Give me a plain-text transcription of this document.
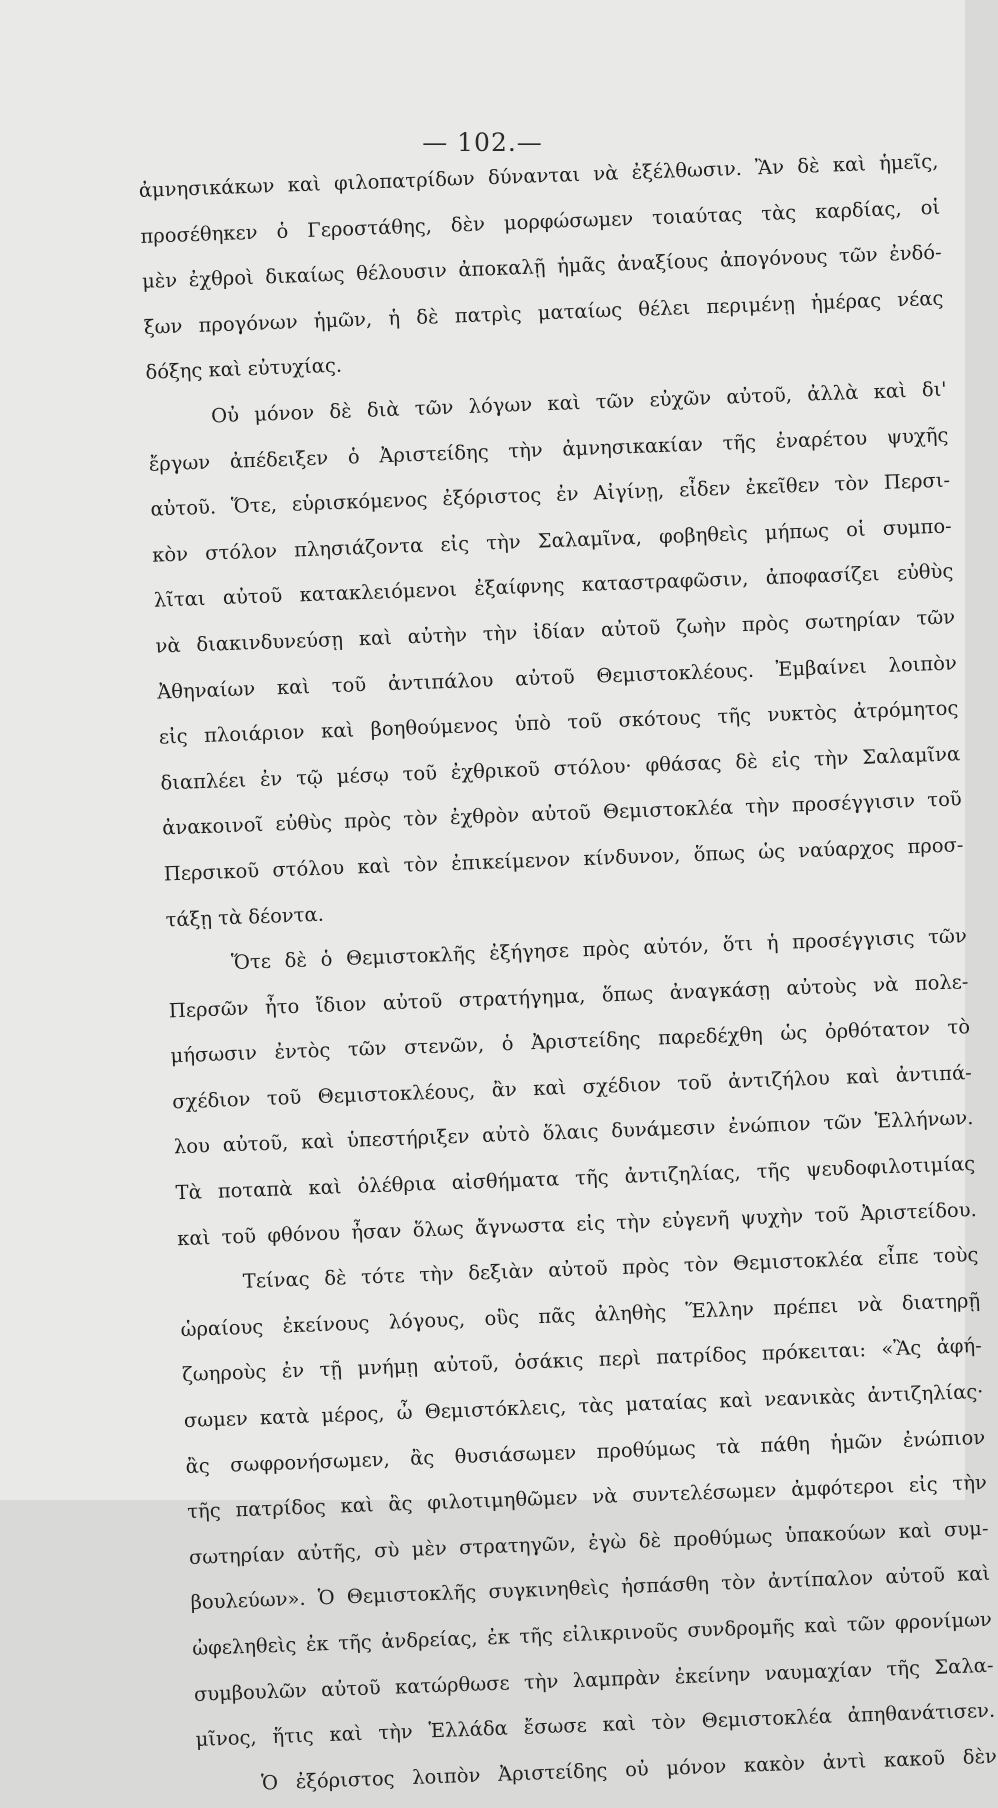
— 102.—
ἀμνησικάκων καὶ φιλοπατρίδων δύνανται νὰ ἐξέλθωσιν. Ἂν δὲ καὶ ἡμεῖς,
προσέθηκεν ὁ Γεροστάθης, δὲν μορφώσωμεν τοιαύτας τὰς καρδίας, οἱ
μὲν ἐχθροὶ δικαίως θέλουσιν ἀποκαλῇ ἡμᾶς ἀναξίους ἀπογόνους τῶν ἐνδό-
ξων προγόνων ἡμῶν, ἡ δὲ πατρὶς ματαίως θέλει περιμένῃ ἡμέρας νέας
δόξης καὶ εὐτυχίας.
Οὐ μόνον δὲ διὰ τῶν λόγων καὶ τῶν εὐχῶν αὐτοῦ, ἀλλὰ καὶ δι'
ἔργων ἀπέδειξεν ὁ Ἀριστείδης τὴν ἀμνησικακίαν τῆς ἐναρέτου ψυχῆς
αὐτοῦ. Ὅτε, εὑρισκόμενος ἐξόριστος ἐν Αἰγίνῃ, εἶδεν ἐκεῖθεν τὸν Περσι-
κὸν στόλον πλησιάζοντα εἰς τὴν Σαλαμῖνα, φοβηθεὶς μήπως οἱ συμπο-
λῖται αὐτοῦ κατακλειόμενοι ἐξαίφνης καταστραφῶσιν, ἀποφασίζει εὐθὺς
νὰ διακινδυνεύσῃ καὶ αὐτὴν τὴν ἰδίαν αὐτοῦ ζωὴν πρὸς σωτηρίαν τῶν
Ἀθηναίων καὶ τοῦ ἀντιπάλου αὐτοῦ Θεμιστοκλέους. Ἐμβαίνει λοιπὸν
εἰς πλοιάριον καὶ βοηθούμενος ὑπὸ τοῦ σκότους τῆς νυκτὸς ἀτρόμητος
διαπλέει ἐν τῷ μέσῳ τοῦ ἐχθρικοῦ στόλου· φθάσας δὲ εἰς τὴν Σαλαμῖνα
ἀνακοινοῖ εὐθὺς πρὸς τὸν ἐχθρὸν αὐτοῦ Θεμιστοκλέα τὴν προσέγγισιν τοῦ
Περσικοῦ στόλου καὶ τὸν ἐπικείμενον κίνδυνον, ὅπως ὡς ναύαρχος προσ-
τάξῃ τὰ δέοντα.
Ὅτε δὲ ὁ Θεμιστοκλῆς ἐξήγησε πρὸς αὐτόν, ὅτι ἡ προσέγγισις τῶν
Περσῶν ἦτο ἴδιον αὐτοῦ στρατήγημα, ὅπως ἀναγκάσῃ αὐτοὺς νὰ πολε-
μήσωσιν ἐντὸς τῶν στενῶν, ὁ Ἀριστείδης παρεδέχθη ὡς ὀρθότατον τὸ
σχέδιον τοῦ Θεμιστοκλέους, ἂν καὶ σχέδιον τοῦ ἀντιζήλου καὶ ἀντιπά-
λου αὐτοῦ, καὶ ὑπεστήριξεν αὐτὸ ὅλαις δυνάμεσιν ἐνώπιον τῶν Ἑλλήνων.
Τὰ ποταπὰ καὶ ὀλέθρια αἰσθήματα τῆς ἀντιζηλίας, τῆς ψευδοφιλοτιμίας
καὶ τοῦ φθόνου ἦσαν ὅλως ἄγνωστα εἰς τὴν εὐγενῆ ψυχὴν τοῦ Ἀριστείδου.
Τείνας δὲ τότε τὴν δεξιὰν αὐτοῦ πρὸς τὸν Θεμιστοκλέα εἶπε τοὺς
ὡραίους ἐκείνους λόγους, οὓς πᾶς ἀληθὴς Ἕλλην πρέπει νὰ διατηρῇ
ζωηροὺς ἐν τῇ μνήμῃ αὐτοῦ, ὁσάκις περὶ πατρίδος πρόκειται: «Ἂς ἀφή-
σωμεν κατὰ μέρος, ὦ Θεμιστόκλεις, τὰς ματαίας καὶ νεανικὰς ἀντιζηλίας·
ἂς σωφρονήσωμεν, ἂς θυσιάσωμεν προθύμως τὰ πάθη ἡμῶν ἐνώπιον
τῆς πατρίδος καὶ ἂς φιλοτιμηθῶμεν νὰ συντελέσωμεν ἀμφότεροι εἰς τὴν
σωτηρίαν αὐτῆς, σὺ μὲν στρατηγῶν, ἐγὼ δὲ προθύμως ὑπακούων καὶ συμ-
βουλεύων». Ὁ Θεμιστοκλῆς συγκινηθεὶς ἠσπάσθη τὸν ἀντίπαλον αὐτοῦ καὶ
ὠφεληθεὶς ἐκ τῆς ἀνδρείας, ἐκ τῆς εἰλικρινοῦς συνδρομῆς καὶ τῶν φρονίμων
συμβουλῶν αὐτοῦ κατώρθωσε τὴν λαμπρὰν ἐκείνην ναυμαχίαν τῆς Σαλα-
μῖνος, ἥτις καὶ τὴν Ἑλλάδα ἔσωσε καὶ τὸν Θεμιστοκλέα ἀπηθανάτισεν.
Ὁ ἐξόριστος λοιπὸν Ἀριστείδης οὐ μόνον κακὸν ἀντὶ κακοῦ δὲν
